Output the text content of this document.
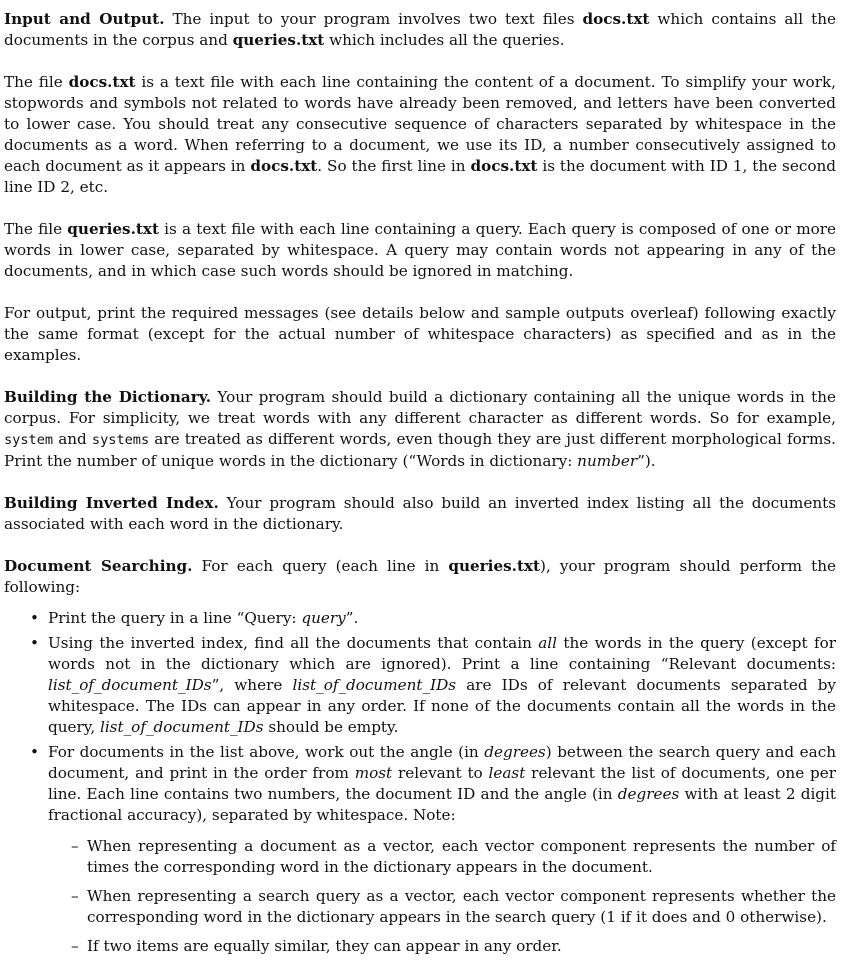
Input and Output. The input to your program involves two text files docs.txt which contains all the documents in the corpus and queries.txt which includes all the queries.

The file docs.txt is a text file with each line containing the content of a document. To simplify your work, stopwords and symbols not related to words have already been removed, and letters have been converted to lower case. You should treat any consecutive sequence of characters separated by whitespace in the documents as a word. When referring to a document, we use its ID, a number consecutively assigned to each document as it appears in docs.txt. So the first line in docs.txt is the document with ID 1, the second line ID 2, etc.

The file queries.txt is a text file with each line containing a query. Each query is composed of one or more words in lower case, separated by whitespace. A query may contain words not appearing in any of the documents, and in which case such words should be ignored in matching.

For output, print the required messages (see details below and sample outputs overleaf) following exactly the same format (except for the actual number of whitespace characters) as specified and as in the examples.

Building the Dictionary. Your program should build a dictionary containing all the unique words in the corpus. For simplicity, we treat words with any different character as different words. So for example, system and systems are treated as different words, even though they are just different morphological forms. Print the number of unique words in the dictionary (“Words in dictionary: number”).

Building Inverted Index. Your program should also build an inverted index listing all the documents associated with each word in the dictionary.

Document Searching. For each query (each line in queries.txt), your program should perform the following:

• Print the query in a line “Query: query”.
• Using the inverted index, find all the documents that contain all the words in the query (except for words not in the dictionary which are ignored). Print a line containing “Relevant documents: list_of_document_IDs”, where list_of_document_IDs are IDs of relevant documents separated by whitespace. The IDs can appear in any order. If none of the documents contain all the words in the query, list_of_document_IDs should be empty.
• For documents in the list above, work out the angle (in degrees) between the search query and each document, and print in the order from most relevant to least relevant the list of documents, one per line. Each line contains two numbers, the document ID and the angle (in degrees with at least 2 digit fractional accuracy), separated by whitespace. Note:
– When representing a document as a vector, each vector component represents the number of times the corresponding word in the dictionary appears in the document.
– When representing a search query as a vector, each vector component represents whether the corresponding word in the dictionary appears in the search query (1 if it does and 0 otherwise).
– If two items are equally similar, they can appear in any order.
